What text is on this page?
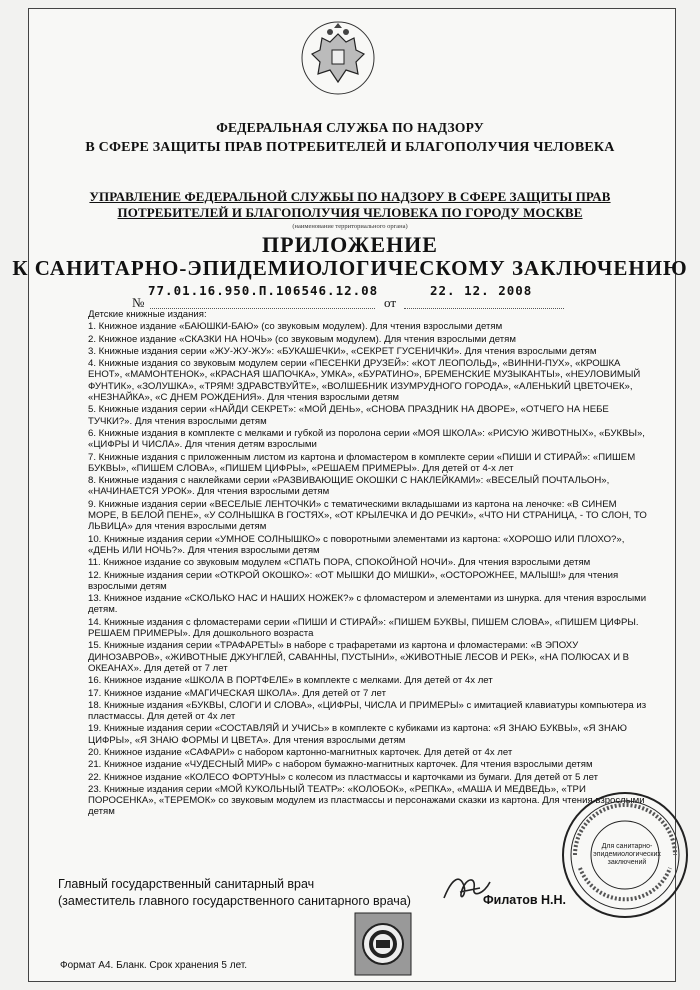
ФЕДЕРАЛЬНАЯ СЛУЖБА ПО НАДЗОРУ
В СФЕРЕ ЗАЩИТЫ ПРАВ ПОТРЕБИТЕЛЕЙ И БЛАГОПОЛУЧИЯ ЧЕЛОВЕКА
УПРАВЛЕНИЕ ФЕДЕРАЛЬНОЙ СЛУЖБЫ ПО НАДЗОРУ В СФЕРЕ ЗАЩИТЫ ПРАВ
ПОТРЕБИТЕЛЕЙ И БЛАГОПОЛУЧИЯ ЧЕЛОВЕКА ПО ГОРОДУ МОСКВЕ
(наименование территориального органа)
ПРИЛОЖЕНИЕ
К САНИТАРНО-ЭПИДЕМИОЛОГИЧЕСКОМУ ЗАКЛЮЧЕНИЮ
77.01.16.950.П.106546.12.08	22. 12. 2008
№	от

Детские книжные издания:

1. Книжное издание «БАЮШКИ-БАЮ» (со звуковым модулем). Для чтения взрослыми детям

2. Книжное издание «СКАЗКИ НА НОЧЬ» (со звуковым модулем). Для чтения взрослыми детям

3. Книжные издания серии «ЖУ-ЖУ-ЖУ»: «БУКАШЕЧКИ», «СЕКРЕТ ГУСЕНИЧКИ». Для чтения взрослыми детям

4. Книжные издания со звуковым модулем серии «ПЕСЕНКИ ДРУЗЕЙ»: «КОТ ЛЕОПОЛЬД», «ВИННИ-ПУХ», «КРОШКА ЕНОТ», «МАМОНТЕНОК», «КРАСНАЯ ШАПОЧКА», УМКА», «БУРАТИНО», БРЕМЕНСКИЕ МУЗЫКАНТЫ», «НЕУЛОВИМЫЙ ФУНТИК», «ЗОЛУШКА», «ТРЯМ! ЗДРАВСТВУЙТЕ», «ВОЛШЕБНИК ИЗУМРУДНОГО ГОРОДА», «АЛЕНЬКИЙ ЦВЕТОЧЕК», «НЕЗНАЙКА», «С ДНЕМ РОЖДЕНИЯ». Для чтения взрослыми детям

5. Книжные издания серии «НАЙДИ СЕКРЕТ»: «МОЙ ДЕНЬ», «СНОВА ПРАЗДНИК НА ДВОРЕ», «ОТЧЕГО НА НЕБЕ ТУЧКИ?». Для чтения взрослыми детям

6. Книжные издания в комплекте с мелками и губкой из поролона серии «МОЯ ШКОЛА»: «РИСУЮ ЖИВОТНЫХ», «БУКВЫ», «ЦИФРЫ И ЧИСЛА». Для чтения детям взрослыми

7. Книжные издания с приложенным листом из картона и фломастером в комплекте серии «ПИШИ И СТИРАЙ»: «ПИШЕМ БУКВЫ», «ПИШЕМ СЛОВА», «ПИШЕМ ЦИФРЫ», «РЕШАЕМ ПРИМЕРЫ». Для детей от 4-х лет

8. Книжные издания с наклейками серии «РАЗВИВАЮЩИЕ ОКОШКИ С НАКЛЕЙКАМИ»: «ВЕСЕЛЫЙ ПОЧТАЛЬОН», «НАЧИНАЕТСЯ УРОК». Для чтения взрослыми детям

9. Книжные издания серии «ВЕСЕЛЫЕ ЛЕНТОЧКИ» с тематическими вкладышами из картона на леночке: «В СИНЕМ МОРЕ, В БЕЛОЙ ПЕНЕ», «У СОЛНЫШКА В ГОСТЯХ», «ОТ КРЫЛЕЧКА И ДО РЕЧКИ», «ЧТО НИ СТРАНИЦА, - ТО СЛОН, ТО ЛЬВИЦА» для чтения взрослыми детям

10. Книжные издания серии «УМНОЕ СОЛНЫШКО» с поворотными элементами из картона: «ХОРОШО ИЛИ ПЛОХО?», «ДЕНЬ ИЛИ НОЧЬ?». Для чтения взрослыми детям

11. Книжное издание со звуковым модулем «СПАТЬ ПОРА, СПОКОЙНОЙ НОЧИ». Для чтения взрослыми детям

12. Книжные издания серии «ОТКРОЙ ОКОШКО»: «ОТ МЫШКИ ДО МИШКИ», «ОСТОРОЖНЕЕ, МАЛЫШ!» для чтения взрослыми детям

13. Книжное издание «СКОЛЬКО НАС И НАШИХ НОЖЕК?» с фломастером и элементами из шнурка. для чтения взрослыми детям.

14. Книжные издания с фломастерами серии «ПИШИ И СТИРАЙ»: «ПИШЕМ БУКВЫ, ПИШЕМ СЛОВА», «ПИШЕМ ЦИФРЫ. РЕШАЕМ ПРИМЕРЫ». Для дошкольного возраста

15. Книжные издания серии «ТРАФАРЕТЫ» в наборе с трафаретами из картона и фломастерами: «В ЭПОХУ ДИНОЗАВРОВ», «ЖИВОТНЫЕ ДЖУНГЛЕЙ, САВАННЫ, ПУСТЫНИ», «ЖИВОТНЫЕ ЛЕСОВ И РЕК», «НА ПОЛЮСАХ И В ОКЕАНАХ». Для детей от 7 лет

16. Книжное издание «ШКОЛА В ПОРТФЕЛЕ» в комплекте с мелками. Для детей от 4х лет

17. Книжное издание «МАГИЧЕСКАЯ ШКОЛА». Для детей от 7 лет

18. Книжные издания «БУКВЫ, СЛОГИ И СЛОВА», «ЦИФРЫ, ЧИСЛА И ПРИМЕРЫ» с имитацией клавиатуры компьютера из пластмассы. Для детей от 4х лет

19. Книжные издания серии «СОСТАВЛЯЙ И УЧИСЬ» в комплекте с кубиками из картона: «Я ЗНАЮ БУКВЫ», «Я ЗНАЮ ЦИФРЫ», «Я ЗНАЮ ФОРМЫ И ЦВЕТА». Для чтения взрослыми детям

20. Книжное издание «САФАРИ» с набором картонно-магнитных карточек. Для детей от 4х лет

21. Книжное издание «ЧУДЕСНЫЙ МИР» с набором бумажно-магнитных карточек. Для чтения взрослыми детям

22. Книжное издание «КОЛЕСО ФОРТУНЫ» с колесом из пластмассы и карточками из бумаги. Для детей от 5 лет

23. Книжные издания серии «МОЙ КУКОЛЬНЫЙ ТЕАТР»: «КОЛОБОК», «РЕПКА», «МАША И МЕДВЕДЬ», «ТРИ ПОРОСЕНКА», «ТЕРЕМОК» со звуковым модулем из пластмассы и персонажами сказки из картона. Для чтения взрослыми детям

Главный государственный санитарный врач
(заместитель главного государственного санитарного врача)	Филатов Н.Н.
Для санитарно-эпидемиологических заключений
Формат А4. Бланк. Срок хранения 5 лет.
